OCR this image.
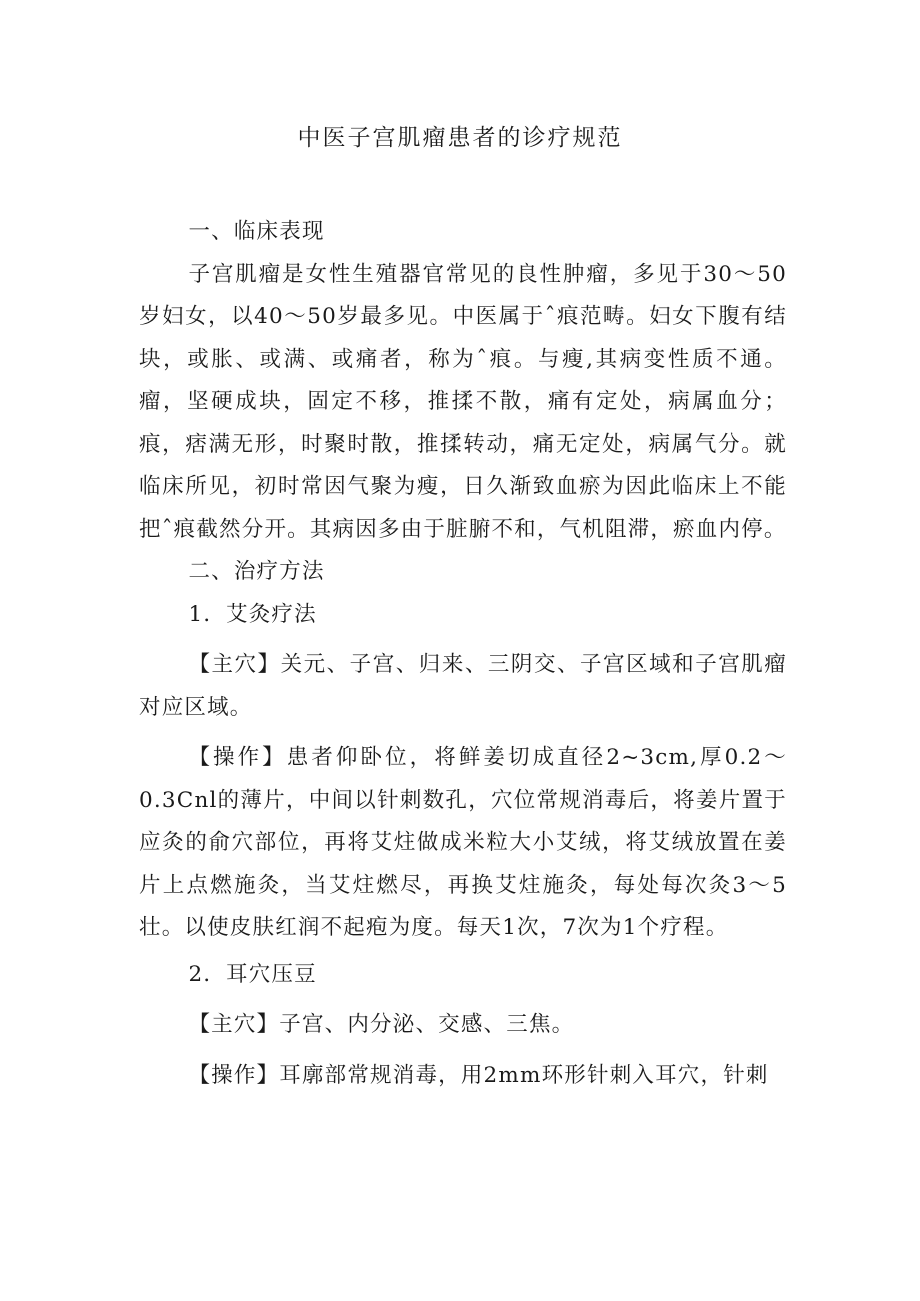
中医子宫肌瘤患者的诊疗规范

一、临床表现

子宫肌瘤是女性生殖器官常见的良性肿瘤，多见于30～50岁妇女，以40～50岁最多见。中医属于ˆ痕范畴。妇女下腹有结块，或胀、或满、或痛者，称为ˆ痕。与瘦,其病变性质不通。瘤，坚硬成块，固定不移，推揉不散，痛有定处，病属血分；痕，痞满无形，时聚时散，推揉转动，痛无定处，病属气分。就临床所见，初时常因气聚为瘦，日久渐致血瘀为因此临床上不能把ˆ痕截然分开。其病因多由于脏腑不和，气机阻滞，瘀血内停。

二、治疗方法

1．艾灸疗法

【主穴】关元、子宫、归来、三阴交、子宫区域和子宫肌瘤对应区域。

【操作】患者仰卧位，将鲜姜切成直径2~3cm,厚0.2～0.3Cnl的薄片，中间以针刺数孔，穴位常规消毒后，将姜片置于应灸的俞穴部位，再将艾炷做成米粒大小艾绒，将艾绒放置在姜片上点燃施灸，当艾炷燃尽，再换艾炷施灸，每处每次灸3～5壮。以使皮肤红润不起疱为度。每天1次，7次为1个疗程。

2．耳穴压豆

【主穴】子宫、内分泌、交感、三焦。

【操作】耳廓部常规消毒，用2mm环形针刺入耳穴，针刺
